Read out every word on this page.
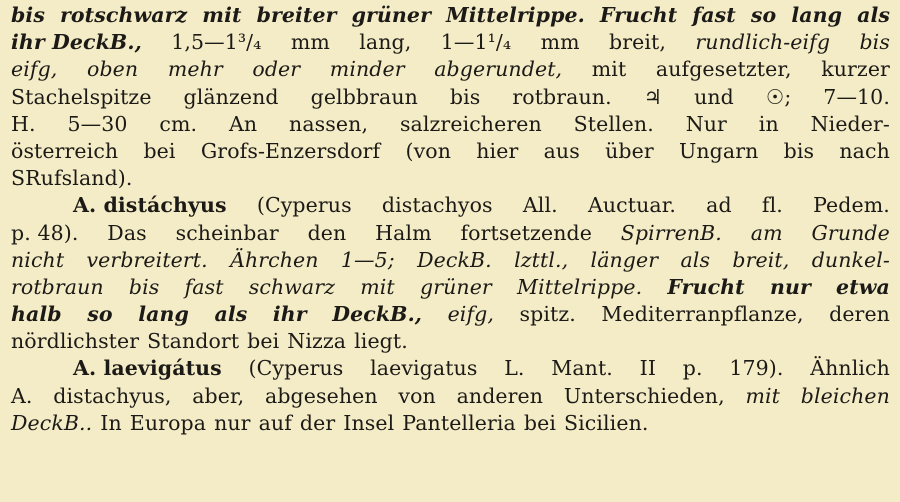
bis rotschwarz mit breiter grüner Mittelrippe. Frucht fast so lang als
ihr DeckB., 1,5—1³/₄ mm lang, 1—1¹/₄ mm breit, rundlich-eifg bis
eifg, oben mehr oder minder abgerundet, mit aufgesetzter, kurzer
Stachelspitze glänzend gelbbraun bis rotbraun. ♃ und ☉; 7—10.
H. 5—30 cm. An nassen, salzreicheren Stellen. Nur in Nieder-
österreich bei Grofs-Enzersdorf (von hier aus über Ungarn bis nach
SRufsland).
A. distáchyus (Cyperus distachyos All. Auctuar. ad fl. Pedem.
p. 48). Das scheinbar den Halm fortsetzende SpirrenB. am Grunde
nicht verbreitert. Ährchen 1—5; DeckB. lzttl., länger als breit, dunkel-
rotbraun bis fast schwarz mit grüner Mittelrippe. Frucht nur etwa
halb so lang als ihr DeckB., eifg, spitz. Mediterranpflanze, deren
nördlichster Standort bei Nizza liegt.
A. laevigátus (Cyperus laevigatus L. Mant. II p. 179). Ähnlich
A. distachyus, aber, abgesehen von anderen Unterschieden, mit bleichen
DeckB.. In Europa nur auf der Insel Pantelleria bei Sicilien.
